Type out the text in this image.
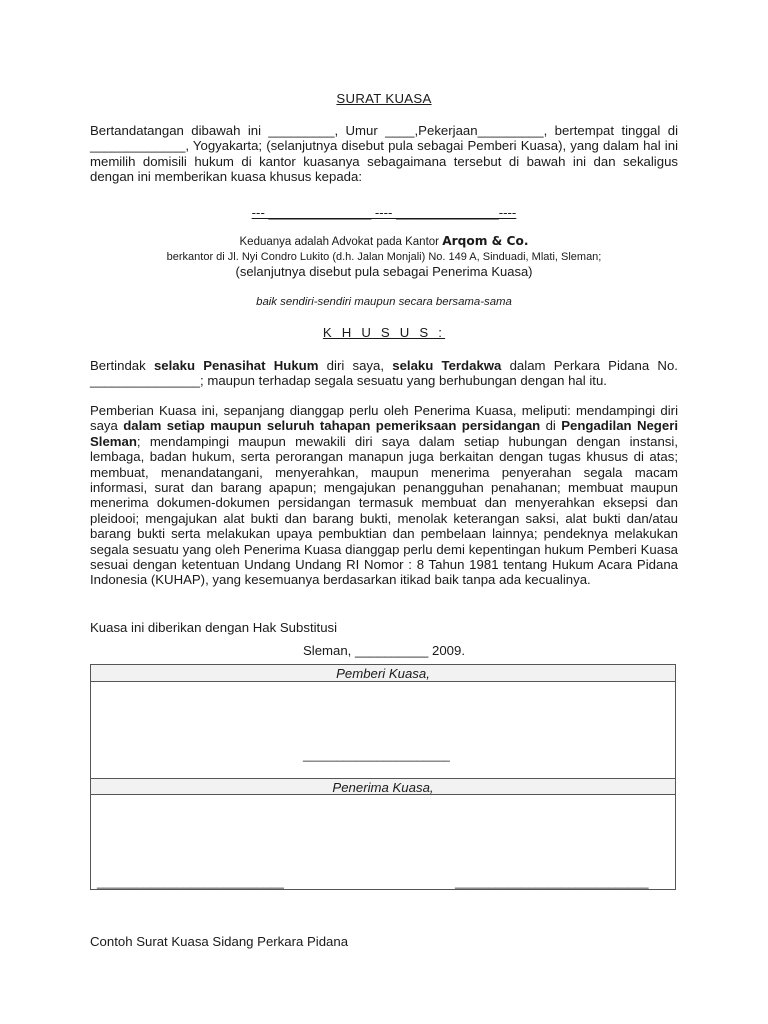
SURAT KUASA
Bertandatangan dibawah ini _________, Umur ____,Pekerjaan_________, bertempat tinggal di _____________, Yogyakarta; (selanjutnya disebut pula sebagai Pemberi Kuasa), yang dalam hal ini memilih domisili hukum di kantor kuasanya sebagaimana tersebut di bawah ini dan sekaligus dengan ini memberikan kuasa khusus kepada:
--- ______________ ---- ______________----
Keduanya adalah Advokat pada Kantor Arqom & Co.
berkantor di Jl. Nyi Condro Lukito (d.h. Jalan Monjali) No. 149 A, Sinduadi, Mlati, Sleman;
(selanjutnya disebut pula sebagai Penerima Kuasa)
baik sendiri-sendiri maupun secara bersama-sama
K H U S U S :
Bertindak selaku Penasihat Hukum diri saya, selaku Terdakwa dalam Perkara Pidana No. _______________; maupun terhadap segala sesuatu yang berhubungan dengan hal itu.
Pemberian Kuasa ini, sepanjang dianggap perlu oleh Penerima Kuasa, meliputi: mendampingi diri saya dalam setiap maupun seluruh tahapan pemeriksaan persidangan di Pengadilan Negeri Sleman; mendampingi maupun mewakili diri saya dalam setiap hubungan dengan instansi, lembaga, badan hukum, serta perorangan manapun juga berkaitan dengan tugas khusus di atas; membuat, menandatangani, menyerahkan, maupun menerima penyerahan segala macam informasi, surat dan barang apapun; mengajukan penangguhan penahanan; membuat maupun menerima dokumen-dokumen persidangan termasuk membuat dan menyerahkan eksepsi dan pleidooi; mengajukan alat bukti dan barang bukti, menolak keterangan saksi, alat bukti dan/atau barang bukti serta melakukan upaya pembuktian dan pembelaan lainnya; pendeknya melakukan segala sesuatu yang oleh Penerima Kuasa dianggap perlu demi kepentingan hukum Pemberi Kuasa sesuai dengan ketentuan Undang Undang RI Nomor : 8 Tahun 1981 tentang Hukum Acara Pidana Indonesia (KUHAP), yang kesemuanya berdasarkan itikad baik tanpa ada kecualinya.
Kuasa ini diberikan dengan Hak Substitusi
Sleman, __________ 2009.
Pemberi Kuasa,
______________________
Penerima Kuasa,
____________________________	_____________________________
Contoh Surat Kuasa Sidang Perkara Pidana
